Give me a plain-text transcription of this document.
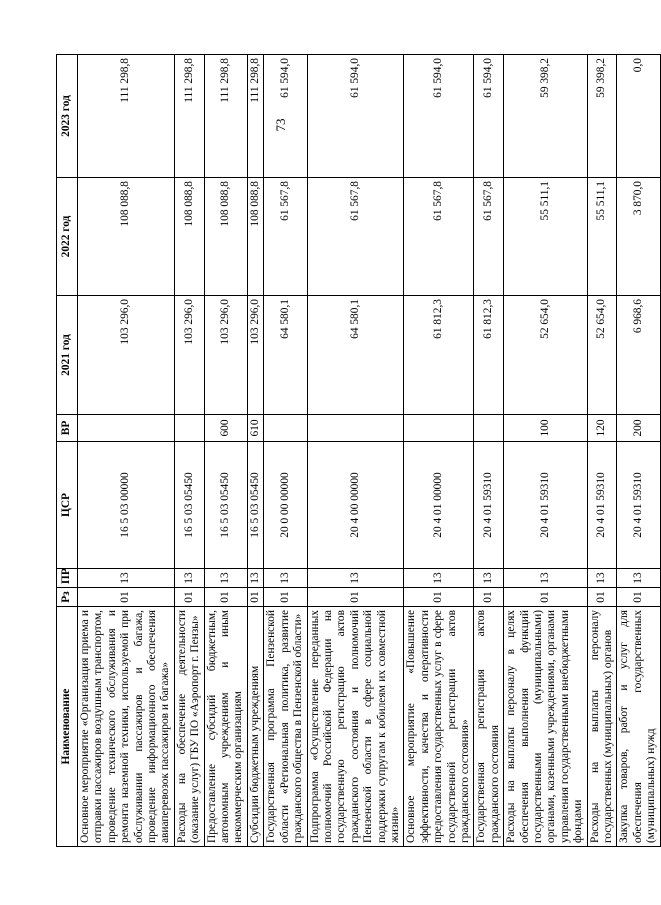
73
Наименование	Рз	ПР	ЦСР	ВР	2021 год	2022 год	2023 год
Основное мероприятие «Организация приема и отправки пассажиров воздушным транспортом, проведение технического обслуживания и ремонта наземной техники, используемой при обслуживании пассажиров и багажа, проведение информационного обеспечения авиаперевозок пассажиров и багажа»	01	13	16 5 03 00000		103 296,0	108 088,8	111 298,8
Расходы на обеспечение деятельности (оказание услуг) ГБУ ПО «Аэропорт г. Пензы»	01	13	16 5 03 05450		103 296,0	108 088,8	111 298,8
Предоставление субсидий бюджетным, автономным учреждениям и иным некоммерческим организациям	01	13	16 5 03 05450	600	103 296,0	108 088,8	111 298,8
Субсидии бюджетным учреждениям	01	13	16 5 03 05450	610	103 296,0	108 088,8	111 298,8
Государственная программа Пензенской области «Региональная политика, развитие гражданского общества в Пензенской области»	01	13	20 0 00 00000		64 580,1	61 567,8	61 594,0
Подпрограмма «Осуществление переданных полномочий Российской Федерации на государственную регистрацию актов гражданского состояния и полномочий Пензенской области в сфере социальной поддержки супругам к юбилеям их совместной жизни»	01	13	20 4 00 00000		64 580,1	61 567,8	61 594,0
Основное мероприятие «Повышение эффективности, качества и оперативности предоставления государственных услуг в сфере государственной регистрации актов гражданского состояния»	01	13	20 4 01 00000		61 812,3	61 567,8	61 594,0
Государственная регистрация актов гражданского состояния	01	13	20 4 01 59310		61 812,3	61 567,8	61 594,0
Расходы на выплаты персоналу в целях обеспечения выполнения функций государственными (муниципальными) органами, казенными учреждениями, органами управления государственными внебюджетными фондами	01	13	20 4 01 59310	100	52 654,0	55 511,1	59 398,2
Расходы на выплаты персоналу государственных (муниципальных) органов	01	13	20 4 01 59310	120	52 654,0	55 511,1	59 398,2
Закупка товаров, работ и услуг для обеспечения государственных (муниципальных) нужд	01	13	20 4 01 59310	200	6 968,6	3 870,0	0,0
